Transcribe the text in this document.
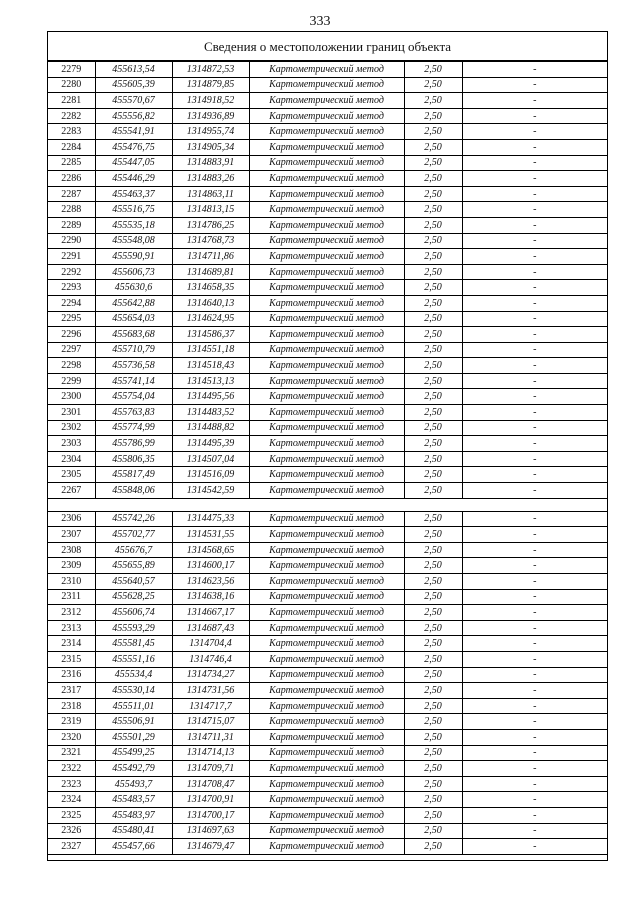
333
Сведения о местоположении границ объекта
2279	455613,54	1314872,53	Картометрический метод	2,50	-
2280	455605,39	1314879,85	Картометрический метод	2,50	-
2281	455570,67	1314918,52	Картометрический метод	2,50	-
2282	455556,82	1314936,89	Картометрический метод	2,50	-
2283	455541,91	1314955,74	Картометрический метод	2,50	-
2284	455476,75	1314905,34	Картометрический метод	2,50	-
2285	455447,05	1314883,91	Картометрический метод	2,50	-
2286	455446,29	1314883,26	Картометрический метод	2,50	-
2287	455463,37	1314863,11	Картометрический метод	2,50	-
2288	455516,75	1314813,15	Картометрический метод	2,50	-
2289	455535,18	1314786,25	Картометрический метод	2,50	-
2290	455548,08	1314768,73	Картометрический метод	2,50	-
2291	455590,91	1314711,86	Картометрический метод	2,50	-
2292	455606,73	1314689,81	Картометрический метод	2,50	-
2293	455630,6	1314658,35	Картометрический метод	2,50	-
2294	455642,88	1314640,13	Картометрический метод	2,50	-
2295	455654,03	1314624,95	Картометрический метод	2,50	-
2296	455683,68	1314586,37	Картометрический метод	2,50	-
2297	455710,79	1314551,18	Картометрический метод	2,50	-
2298	455736,58	1314518,43	Картометрический метод	2,50	-
2299	455741,14	1314513,13	Картометрический метод	2,50	-
2300	455754,04	1314495,56	Картометрический метод	2,50	-
2301	455763,83	1314483,52	Картометрический метод	2,50	-
2302	455774,99	1314488,82	Картометрический метод	2,50	-
2303	455786,99	1314495,39	Картометрический метод	2,50	-
2304	455806,35	1314507,04	Картометрический метод	2,50	-
2305	455817,49	1314516,09	Картометрический метод	2,50	-
2267	455848,06	1314542,59	Картометрический метод	2,50	-

2306	455742,26	1314475,33	Картометрический метод	2,50	-
2307	455702,77	1314531,55	Картометрический метод	2,50	-
2308	455676,7	1314568,65	Картометрический метод	2,50	-
2309	455655,89	1314600,17	Картометрический метод	2,50	-
2310	455640,57	1314623,56	Картометрический метод	2,50	-
2311	455628,25	1314638,16	Картометрический метод	2,50	-
2312	455606,74	1314667,17	Картометрический метод	2,50	-
2313	455593,29	1314687,43	Картометрический метод	2,50	-
2314	455581,45	1314704,4	Картометрический метод	2,50	-
2315	455551,16	1314746,4	Картометрический метод	2,50	-
2316	455534,4	1314734,27	Картометрический метод	2,50	-
2317	455530,14	1314731,56	Картометрический метод	2,50	-
2318	455511,01	1314717,7	Картометрический метод	2,50	-
2319	455506,91	1314715,07	Картометрический метод	2,50	-
2320	455501,29	1314711,31	Картометрический метод	2,50	-
2321	455499,25	1314714,13	Картометрический метод	2,50	-
2322	455492,79	1314709,71	Картометрический метод	2,50	-
2323	455493,7	1314708,47	Картометрический метод	2,50	-
2324	455483,57	1314700,91	Картометрический метод	2,50	-
2325	455483,97	1314700,17	Картометрический метод	2,50	-
2326	455480,41	1314697,63	Картометрический метод	2,50	-
2327	455457,66	1314679,47	Картометрический метод	2,50	-
